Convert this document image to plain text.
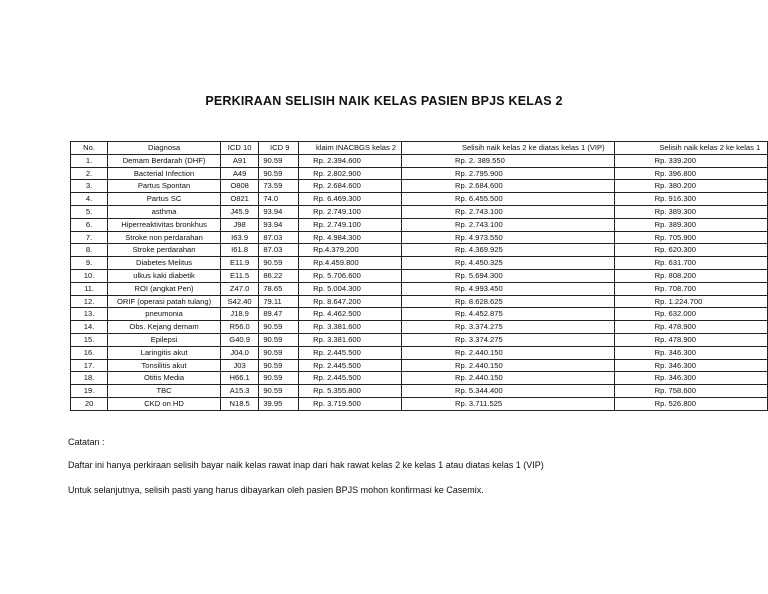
PERKIRAAN SELISIH NAIK KELAS PASIEN BPJS KELAS 2
No.	Diagnosa	ICD 10	ICD 9	klaim INACBGS kelas 2	Selisih naik kelas 2 ke diatas kelas 1 (VIP)	Selisih naik kelas 2 ke kelas 1
1.	Demam Berdarah (DHF)	A91	90.59	Rp. 2.394.600	Rp. 2. 389.550	Rp. 339.200
2.	Bacterial Infection	A49	90.59	Rp. 2.802.900	Rp. 2.795.900	Rp. 396.800
3.	Partus Spontan	O808	73.59	Rp. 2.684.600	Rp. 2.684.600	Rp. 380.200
4.	Partus SC	O821	74.0	Rp. 6.469.300	Rp. 6.455.500	Rp. 916.300
5.	asthma	J45.9	93.94	Rp. 2.749.100	Rp. 2.743.100	Rp. 389.300
6.	Hiperreaktivitas bronkhus	J98	93.94	Rp. 2.749.100	Rp. 2.743.100	Rp. 389.300
7.	Stroke non perdarahan	I63.9	87.03	Rp. 4.984.300	Rp. 4.973.550	Rp. 705.900
8.	Stroke perdarahan	I61.8	87.03	Rp.4.379.200	Rp. 4.369.925	Rp. 620.300
9.	Diabetes Melitus	E11.9	90.59	Rp.4.459.800	Rp. 4.450.325	Rp. 631.700
10.	ulkus kaki diabetik	E11.5	86.22	Rp. 5.706.600	Rp. 5.694.300	Rp. 808.200
11.	ROI (angkat Pen)	Z47.0	78.65	Rp. 5.004.300	Rp. 4.993.450	Rp. 708.700
12.	ORIF (operasi patah tulang)	S42.40	79.11	Rp. 8.647.200	Rp. 8.628.625	Rp. 1.224.700
13.	pneumonia	J18.9	89.47	Rp. 4.462.500	Rp. 4.452.875	Rp. 632.000
14.	Obs. Kejang demam	R56.0	90.59	Rp. 3.381.600	Rp. 3.374.275	Rp. 478.900
15.	Epilepsi	G40.9	90.59	Rp. 3.381.600	Rp. 3.374.275	Rp. 478.900
16.	Laringitis akut	J04.0	90.59	Rp. 2.445.500	Rp. 2.440.150	Rp. 346.300
17.	Tonsilitis akut	J03	90.59	Rp. 2.445.500	Rp. 2.440.150	Rp. 346.300
18.	Otitis Media	H66.1	90.59	Rp. 2.445.500	Rp. 2.440.150	Rp. 346.300
19.	TBC	A15.3	90.59	Rp. 5.355.800	Rp. 5.344.400	Rp. 758.600
20	CKD on HD	N18.5	39.95	Rp. 3.719.500	Rp. 3.711.525	Rp. 526.800
Catatan :
Daftar ini hanya perkiraan selisih bayar naik kelas rawat inap dari hak rawat kelas 2 ke kelas 1 atau diatas kelas 1 (VIP)
Untuk selanjutnya, selisih pasti yang harus dibayarkan oleh pasien BPJS mohon konfirmasi ke Casemix.
